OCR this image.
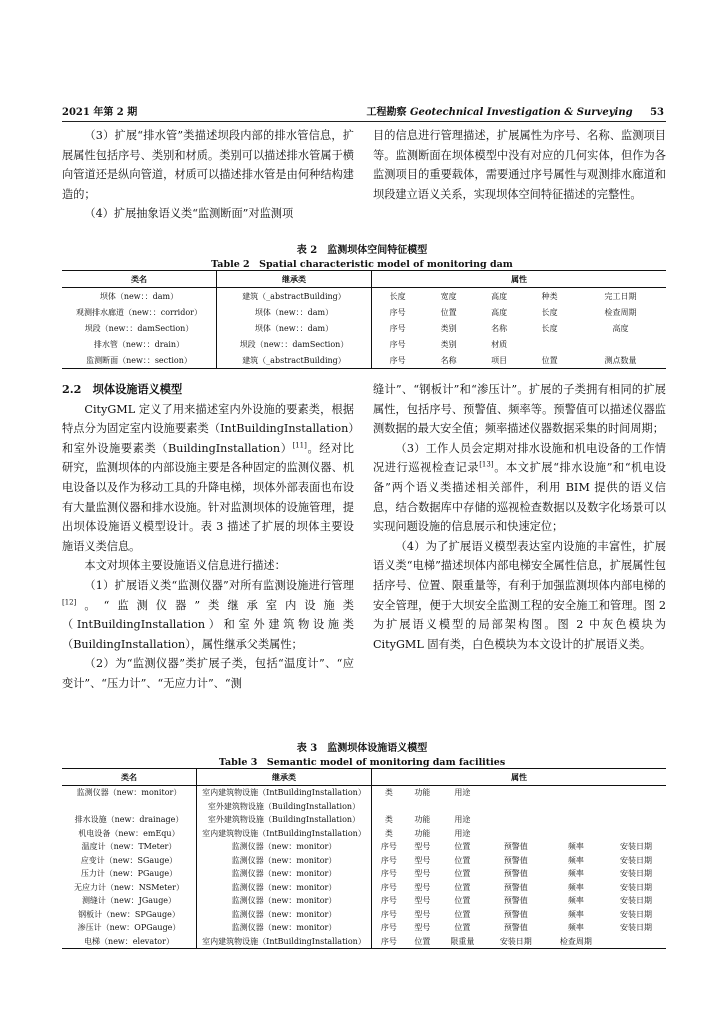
2021 年第 2 期	工程勘察 Geotechnical Investigation & Surveying 53

（3）扩展“排水管”类描述坝段内部的排水管信息，扩展属性包括序号、类别和材质。类别可以描述排水管属于横向管道还是纵向管道，材质可以描述排水管是由何种结构建造的；

（4）扩展抽象语义类“监测断面”对监测项

目的信息进行管理描述，扩展属性为序号、名称、监测项目等。监测断面在坝体模型中没有对应的几何实体，但作为各监测项目的重要载体，需要通过序号属性与观测排水廊道和坝段建立语义关系，实现坝体空间特征描述的完整性。

表 2　监测坝体空间特征模型
Table 2　Spatial characteristic model of monitoring dam
类名	继承类	属性				
坝体（new：：dam）	建筑（_abstractBuilding）	长度	宽度	高度	种类	完工日期
观测排水廊道（new：：corridor）	坝体（new：：dam）	序号	位置	高度	长度	检查周期
坝段（new：：damSection）	坝体（new：：dam）	序号	类别	名称	长度	高度
排水管（new：：drain）	坝段（new：：damSection）	序号	类别	材质		
监测断面（new：：section）	建筑（_abstractBuilding）	序号	名称	项目	位置	测点数量

2.2　坝体设施语义模型

CityGML 定义了用来描述室内外设施的要素类，根据特点分为固定室内设施要素类（IntBuildingInstallation）和室外设施要素类（BuildingInstallation）[11]。经对比研究，监测坝体的内部设施主要是各种固定的监测仪器、机电设备以及作为移动工具的升降电梯，坝体外部表面也布设有大量监测仪器和排水设施。针对监测坝体的设施管理，提出坝体设施语义模型设计。表 3 描述了扩展的坝体主要设施语义类信息。

本文对坝体主要设施语义信息进行描述：

（1）扩展语义类“监测仪器”对所有监测设施进行管理[12]。“监测仪器”类继承室内设施类（IntBuildingInstallation）和室外建筑物设施类（BuildingInstallation），属性继承父类属性；

（2）为“监测仪器”类扩展子类，包括“温度计”、“应变计”、“压力计”、“无应力计”、“测

缝计”、“钢板计”和“渗压计”。扩展的子类拥有相同的扩展属性，包括序号、预警值、频率等。预警值可以描述仪器监测数据的最大安全值；频率描述仪器数据采集的时间周期；

（3）工作人员会定期对排水设施和机电设备的工作情况进行巡视检查记录[13]。本文扩展“排水设施”和“机电设备”两个语义类描述相关部件，利用 BIM 提供的语义信息，结合数据库中存储的巡视检查数据以及数字化场景可以实现问题设施的信息展示和快速定位；

（4）为了扩展语义模型表达室内设施的丰富性，扩展语义类“电梯”描述坝体内部电梯安全属性信息，扩展属性包括序号、位置、限重量等，有利于加强监测坝体内部电梯的安全管理，便于大坝安全监测工程的安全施工和管理。图 2 为扩展语义模型的局部架构图。图 2 中灰色模块为 CityGML 固有类，白色模块为本文设计的扩展语义类。

表 3　监测坝体设施语义模型
Table 3　Semantic model of monitoring dam facilities
类名	继承类	属性					
监测仪器（new：monitor）	室内建筑物设施（IntBuildingInstallation）	类	功能	用途			
	室外建筑物设施（BuildingInstallation）						
排水设施（new：drainage）	室外建筑物设施（BuildingInstallation）	类	功能	用途			
机电设备（new：emEqu）	室内建筑物设施（IntBuildingInstallation）	类	功能	用途			
温度计（new：TMeter）	监测仪器（new：monitor）	序号	型号	位置	预警值	频率	安装日期
应变计（new：SGauge）	监测仪器（new：monitor）	序号	型号	位置	预警值	频率	安装日期
压力计（new：PGauge）	监测仪器（new：monitor）	序号	型号	位置	预警值	频率	安装日期
无应力计（new：NSMeter）	监测仪器（new：monitor）	序号	型号	位置	预警值	频率	安装日期
测缝计（new：JGauge）	监测仪器（new：monitor）	序号	型号	位置	预警值	频率	安装日期
钢板计（new：SPGauge）	监测仪器（new：monitor）	序号	型号	位置	预警值	频率	安装日期
渗压计（new：OPGauge）	监测仪器（new：monitor）	序号	型号	位置	预警值	频率	安装日期
电梯（new：elevator）	室内建筑物设施（IntBuildingInstallation）	序号	位置	限重量	安装日期	检查周期	
